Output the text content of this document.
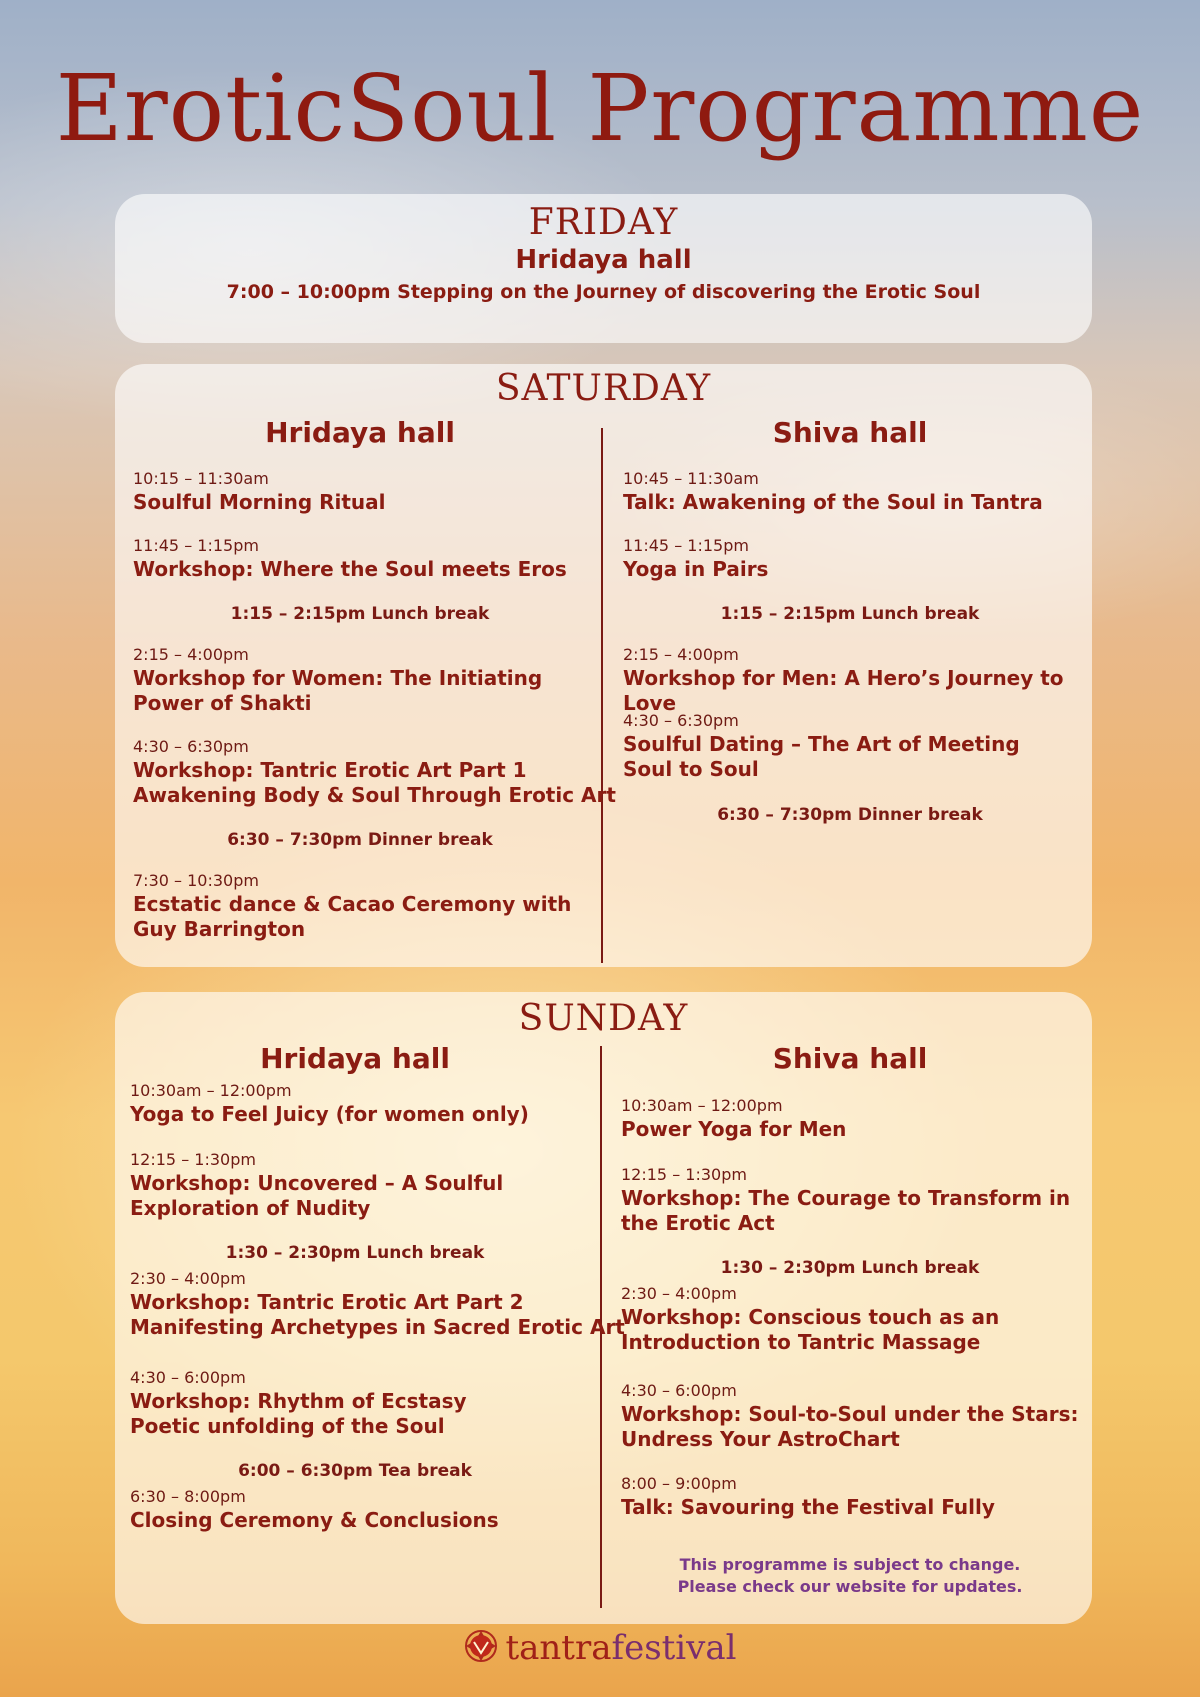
EroticSoul Programme
FRIDAY
Hridaya hall
7:00 – 10:00pm Stepping on the Journey of discovering the Erotic Soul
SATURDAY
Hridaya hall	Shiva hall
10:15 – 11:30am
Soulful Morning Ritual
11:45 – 1:15pm
Workshop: Where the Soul meets Eros
1:15 – 2:15pm Lunch break
2:15 – 4:00pm
Workshop for Women: The Initiating
Power of Shakti
4:30 – 6:30pm
Workshop: Tantric Erotic Art Part 1
Awakening Body & Soul Through Erotic Art
6:30 – 7:30pm Dinner break
7:30 – 10:30pm
Ecstatic dance & Cacao Ceremony with
Guy Barrington
10:45 – 11:30am
Talk: Awakening of the Soul in Tantra
11:45 – 1:15pm
Yoga in Pairs
1:15 – 2:15pm Lunch break
2:15 – 4:00pm
Workshop for Men: A Hero’s Journey to Love
4:30 – 6:30pm
Soulful Dating – The Art of Meeting
Soul to Soul
6:30 – 7:30pm Dinner break
SUNDAY
Hridaya hall	Shiva hall
10:30am – 12:00pm
Yoga to Feel Juicy (for women only)
12:15 – 1:30pm
Workshop: Uncovered – A Soulful
Exploration of Nudity
1:30 – 2:30pm Lunch break
2:30 – 4:00pm
Workshop: Tantric Erotic Art Part 2
Manifesting Archetypes in Sacred Erotic Art
4:30 – 6:00pm
Workshop: Rhythm of Ecstasy
Poetic unfolding of the Soul
6:00 – 6:30pm Tea break
6:30 – 8:00pm
Closing Ceremony & Conclusions
10:30am – 12:00pm
Power Yoga for Men
12:15 – 1:30pm
Workshop: The Courage to Transform in
the Erotic Act
1:30 – 2:30pm Lunch break
2:30 – 4:00pm
Workshop: Conscious touch as an
Introduction to Tantric Massage
4:30 – 6:00pm
Workshop: Soul-to-Soul under the Stars:
Undress Your AstroChart
8:00 – 9:00pm
Talk: Savouring the Festival Fully
This programme is subject to change.
Please check our website for updates.
tantrafestival
